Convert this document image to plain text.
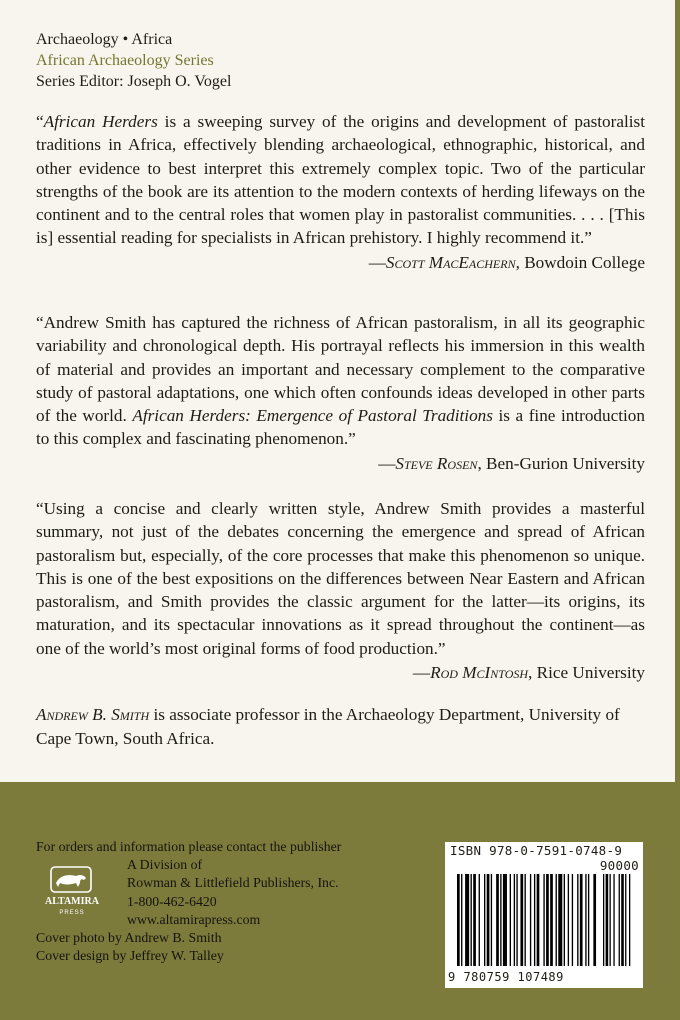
Archaeology • Africa
African Archaeology Series
Series Editor: Joseph O. Vogel

“African Herders is a sweeping survey of the origins and development of pastoralist traditions in Africa, effectively blending archaeological, ethnographic, historical, and other evidence to best interpret this extremely complex topic. Two of the particular strengths of the book are its attention to the modern contexts of herding lifeways on the continent and to the central roles that women play in pastoralist communities. . . . [This is] essential reading for specialists in African prehistory. I highly recommend it.”

—Scott MacEachern, Bowdoin College

“Andrew Smith has captured the richness of African pastoralism, in all its geographic variability and chronological depth. His portrayal reflects his immersion in this wealth of material and provides an important and necessary complement to the comparative study of pastoral adaptations, one which often confounds ideas developed in other parts of the world. African Herders: Emergence of Pastoral Traditions is a fine introduction to this complex and fascinating phenomenon.”

—Steve Rosen, Ben-Gurion University

“Using a concise and clearly written style, Andrew Smith provides a masterful summary, not just of the debates concerning the emergence and spread of African pastoralism but, especially, of the core processes that make this phenomenon so unique. This is one of the best expositions on the differences between Near Eastern and African pastoralism, and Smith provides the classic argument for the latter—its origins, its maturation, and its spectacular innovations as it spread throughout the continent—as one of the world’s most original forms of food production.”

—Rod McIntosh, Rice University
Andrew B. Smith is associate professor in the Archaeology Department, University of Cape Town, South Africa.
For orders and information please contact the publisher
A Division of
Rowman & Littlefield Publishers, Inc.
1-800-462-6420
www.altamirapress.com
Cover photo by Andrew B. Smith
Cover design by Jeffrey W. Talley
ALTAMIRA
PRESS
ISBN 978-0-7591-0748-9
90000
9 780759 107489
